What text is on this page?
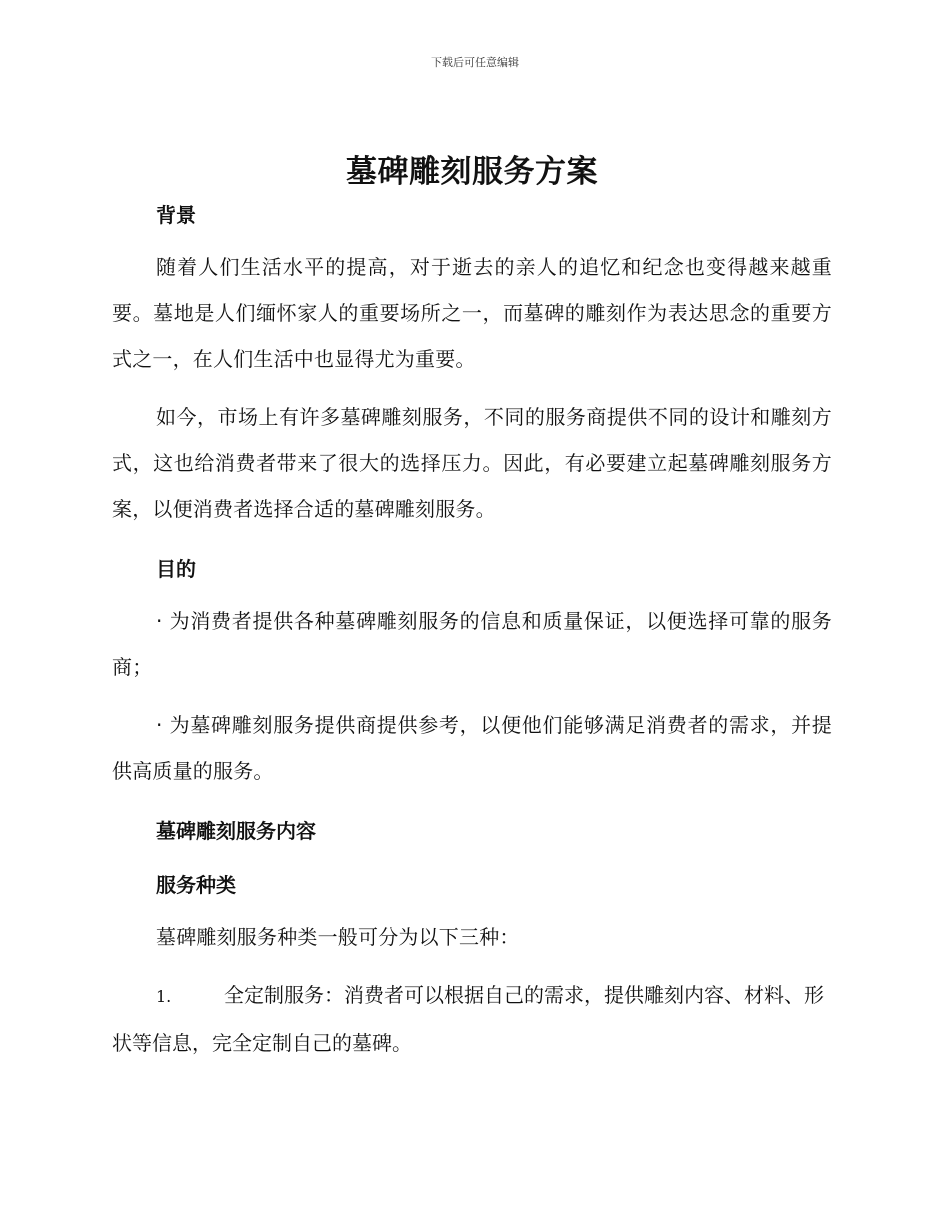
下载后可任意编辑
墓碑雕刻服务方案
背景

随着人们生活水平的提高，对于逝去的亲人的追忆和纪念也变得越来越重要。墓地是人们缅怀家人的重要场所之一，而墓碑的雕刻作为表达思念的重要方式之一，在人们生活中也显得尤为重要。

如今，市场上有许多墓碑雕刻服务，不同的服务商提供不同的设计和雕刻方式，这也给消费者带来了很大的选择压力。因此，有必要建立起墓碑雕刻服务方案，以便消费者选择合适的墓碑雕刻服务。

目的

· 为消费者提供各种墓碑雕刻服务的信息和质量保证，以便选择可靠的服务商；

· 为墓碑雕刻服务提供商提供参考，以便他们能够满足消费者的需求，并提供高质量的服务。

墓碑雕刻服务内容
服务种类

墓碑雕刻服务种类一般可分为以下三种：

1.	全定制服务：消费者可以根据自己的需求，提供雕刻内容、材料、形状等信息，完全定制自己的墓碑。
